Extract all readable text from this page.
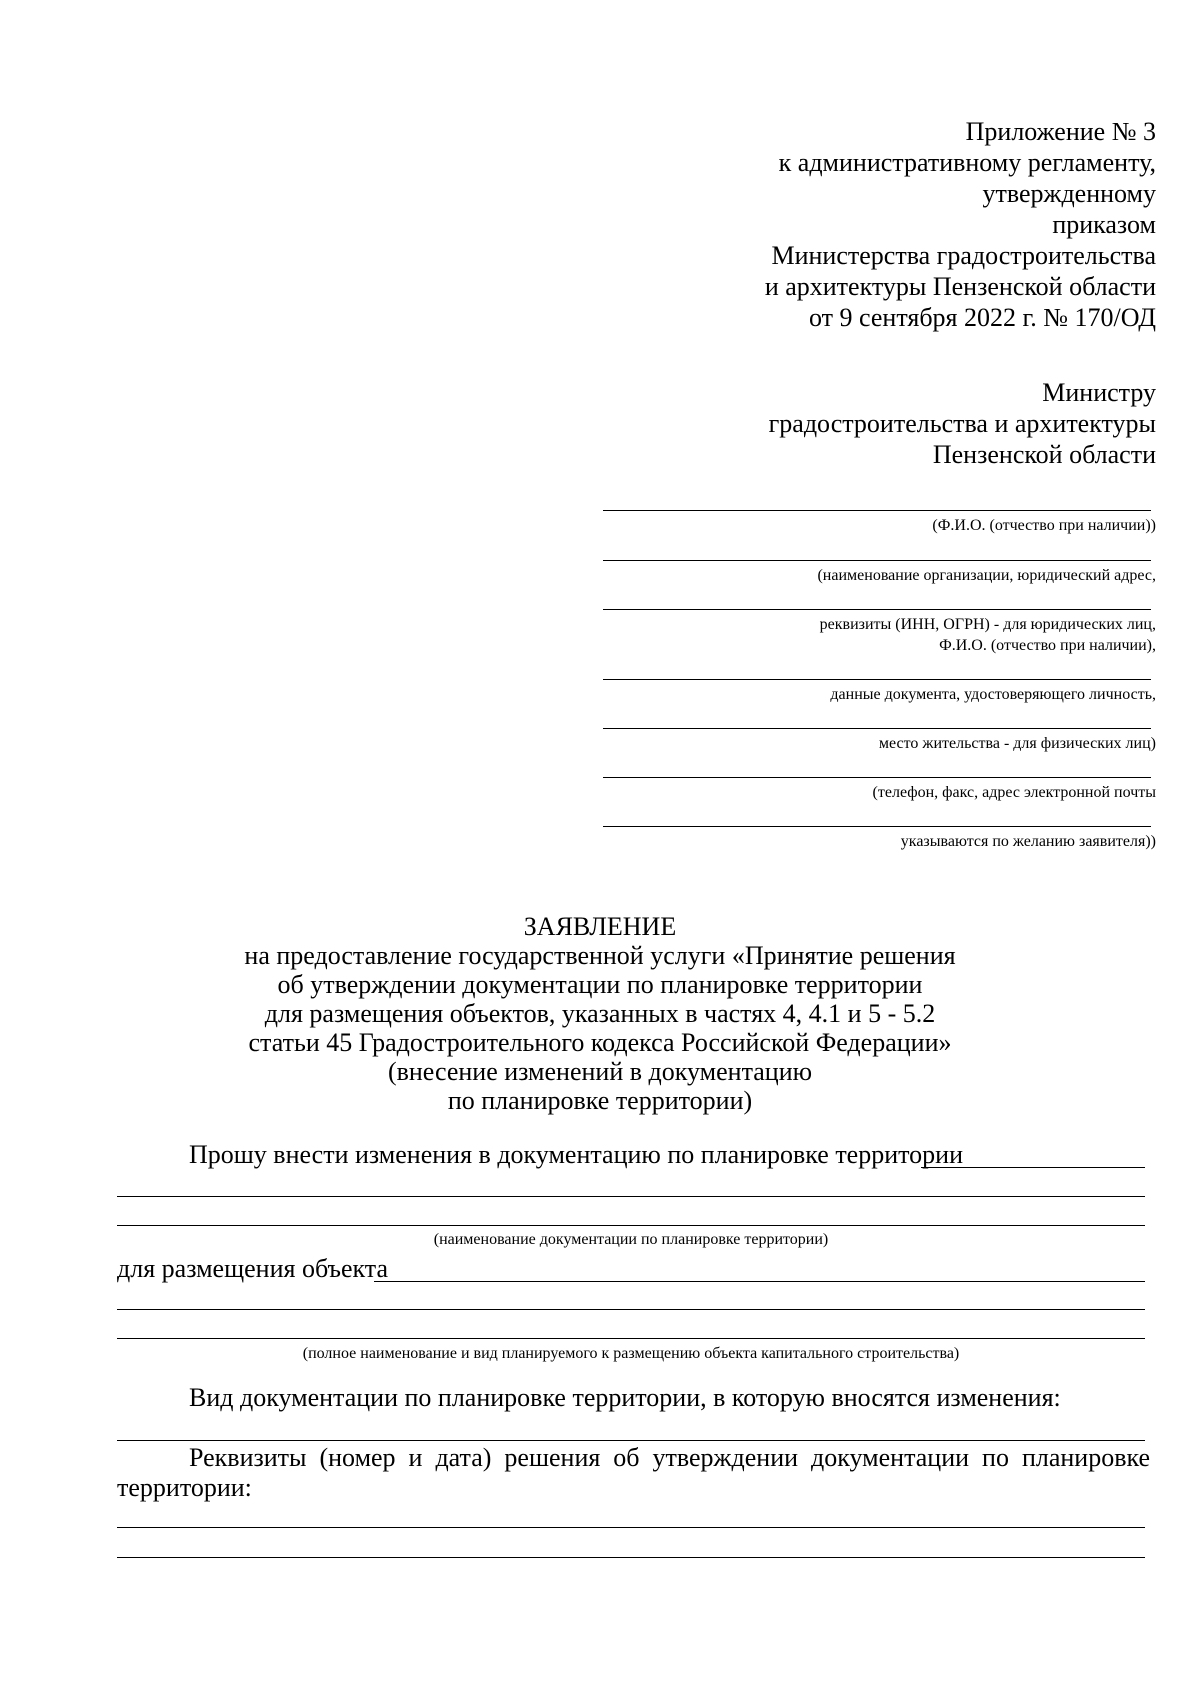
Приложение № 3
к административному регламенту,
утвержденному
приказом
Министерства градостроительства
и архитектуры Пензенской области
от 9 сентября 2022 г. № 170/ОД
Министру
градостроительства и архитектуры
Пензенской области
(Ф.И.О. (отчество при наличии))
(наименование организации, юридический адрес,
реквизиты (ИНН, ОГРН) - для юридических лиц,
Ф.И.О. (отчество при наличии),
данные документа, удостоверяющего личность,
место жительства - для физических лиц)
(телефон, факс, адрес электронной почты
указываются по желанию заявителя))
ЗАЯВЛЕНИЕ
на предоставление государственной услуги «Принятие решения
об утверждении документации по планировке территории
для размещения объектов, указанных в частях 4, 4.1 и 5 - 5.2
статьи 45 Градостроительного кодекса Российской Федерации»
(внесение изменений в документацию
по планировке территории)
Прошу внести изменения в документацию по планировке территории
(наименование документации по планировке территории)
для размещения объекта
(полное наименование и вид планируемого к размещению объекта капитального строительства)
Вид документации по планировке территории, в которую вносятся изменения:
Реквизиты (номер и дата) решения об утверждении документации по планировке территории:
